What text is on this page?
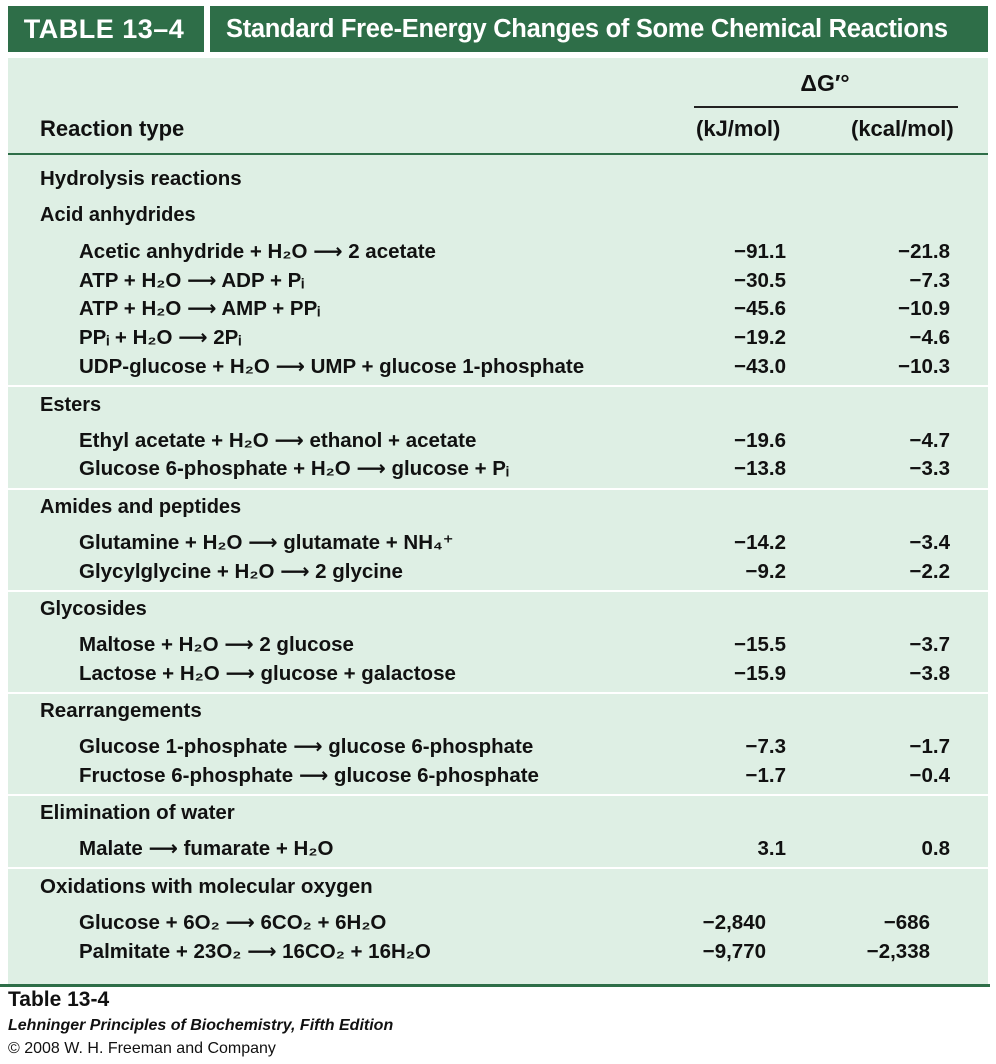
TABLE 13–4	Standard Free-Energy Changes of Some Chemical Reactions
ΔG′°
Reaction type	(kJ/mol)	(kcal/mol)
Hydrolysis reactions
Acid anhydrides
Acetic anhydride + H₂O ⟶ 2 acetate	−91.1	−21.8
ATP + H₂O ⟶ ADP + Pᵢ	−30.5	−7.3
ATP + H₂O ⟶ AMP + PPᵢ	−45.6	−10.9
PPᵢ + H₂O ⟶ 2Pᵢ	−19.2	−4.6
UDP-glucose + H₂O ⟶ UMP + glucose 1-phosphate	−43.0	−10.3
Esters
Ethyl acetate + H₂O ⟶ ethanol + acetate	−19.6	−4.7
Glucose 6-phosphate + H₂O ⟶ glucose + Pᵢ	−13.8	−3.3
Amides and peptides
Glutamine + H₂O ⟶ glutamate + NH₄⁺	−14.2	−3.4
Glycylglycine + H₂O ⟶ 2 glycine	−9.2	−2.2
Glycosides
Maltose + H₂O ⟶ 2 glucose	−15.5	−3.7
Lactose + H₂O ⟶ glucose + galactose	−15.9	−3.8
Rearrangements
Glucose 1-phosphate ⟶ glucose 6-phosphate	−7.3	−1.7
Fructose 6-phosphate ⟶ glucose 6-phosphate	−1.7	−0.4
Elimination of water
Malate ⟶ fumarate + H₂O	3.1	0.8
Oxidations with molecular oxygen
Glucose + 6O₂ ⟶ 6CO₂ + 6H₂O	−2,840	−686
Palmitate + 23O₂ ⟶ 16CO₂ + 16H₂O	−9,770	−2,338
Table 13-4
Lehninger Principles of Biochemistry, Fifth Edition
© 2008 W. H. Freeman and Company
